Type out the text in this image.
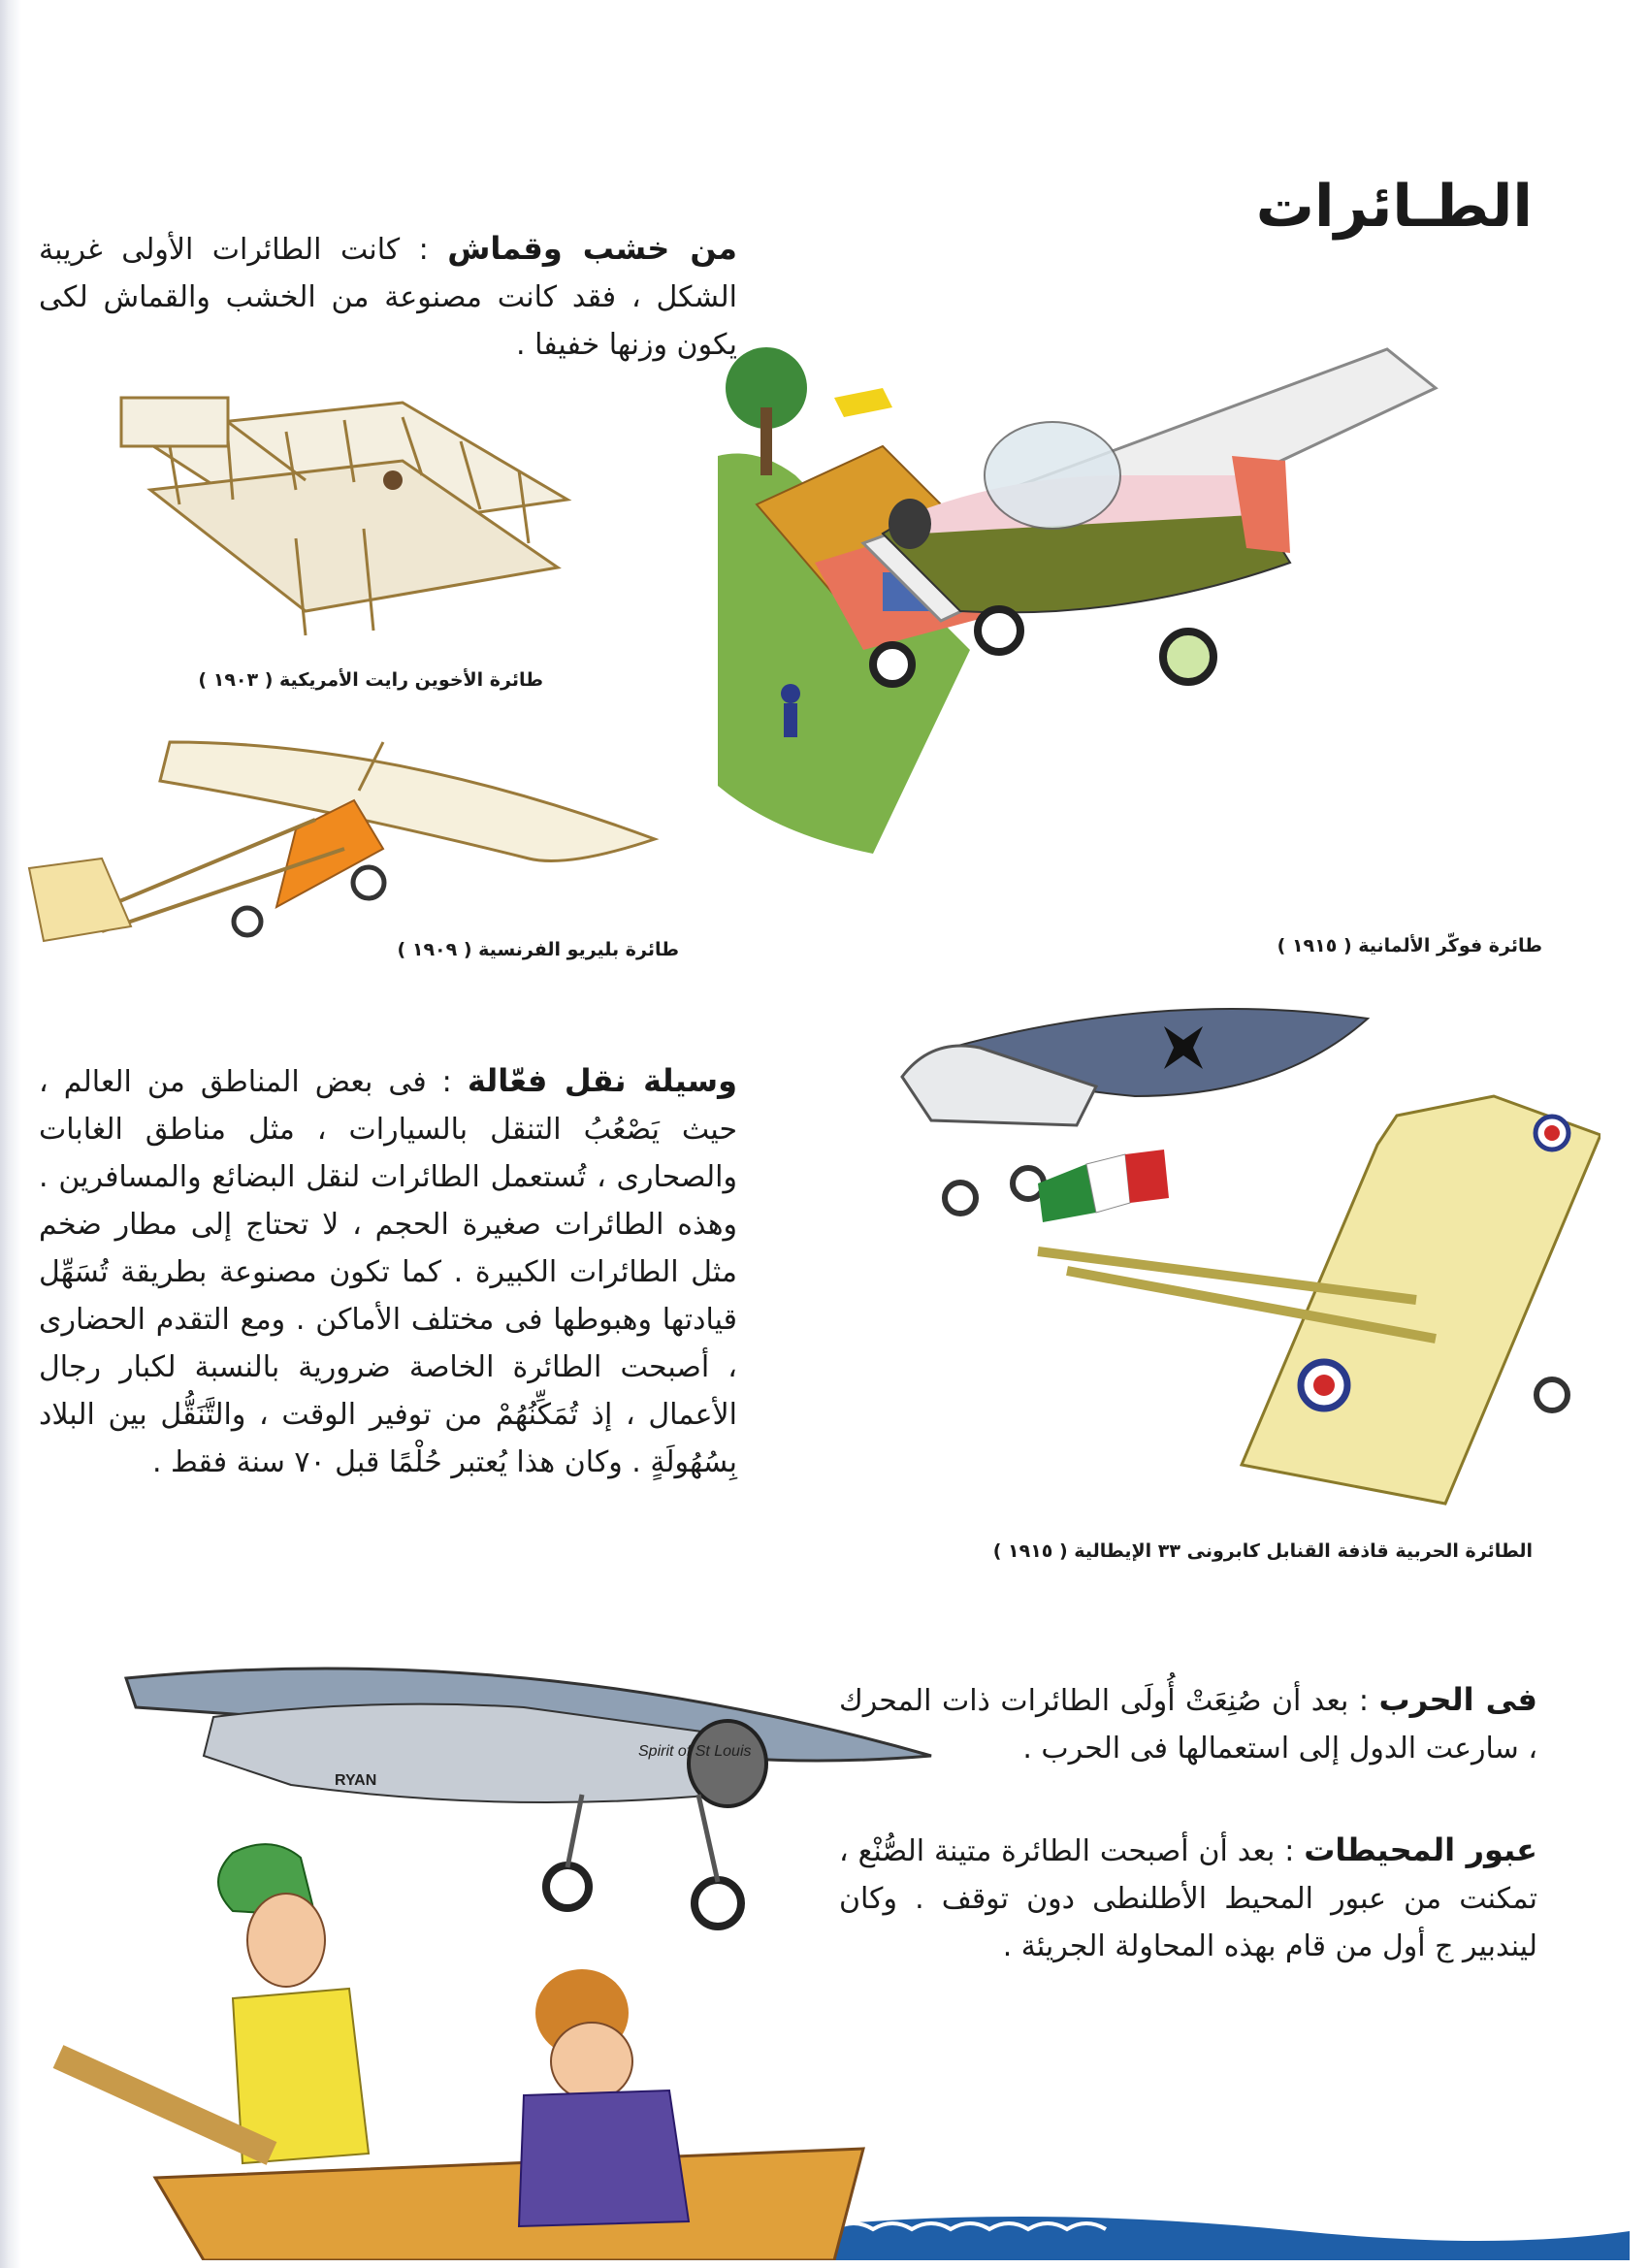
الطـائرات
من خشب وقماش : كانت الطائرات الأولى غريبة الشكل ، فقد كانت مصنوعة من الخشب والقماش لكى يكون وزنها خفيفا .
طائرة الأخوين رايت الأمريكية ( ١٩٠٣ )
طائرة بليريو الفرنسية ( ١٩٠٩ )	طائرة فوكّر الألمانية ( ١٩١٥ )
وسيلة نقل فعّالة : فى بعض المناطق من العالم ، حيث يَصْعُبُ التنقل بالسيارات ، مثل مناطق الغابات والصحارى ، تُستعمل الطائرات لنقل البضائع والمسافرين . وهذه الطائرات صغيرة الحجم ، لا تحتاج إلى مطار ضخم مثل الطائرات الكبيرة . كما تكون مصنوعة بطريقة تُسَهِّل قيادتها وهبوطها فى مختلف الأماكن . ومع التقدم الحضارى ، أصبحت الطائرة الخاصة ضرورية بالنسبة لكبار رجال الأعمال ، إذ تُمَكِّنُهُمْ من توفير الوقت ، والتَّنَقُّل بين البلاد بِسُهُولَةٍ . وكان هذا يُعتبر حُلْمًا قبل ٧٠ سنة فقط .
الطائرة الحربية قاذفة القنابل كابرونى ٣٣ الإيطالية ( ١٩١٥ )
فى الحرب : بعد أن صُنِعَتْ أُولَى الطائرات ذات المحرك ، سارعت الدول إلى استعمالها فى الحرب .
عبور المحيطات : بعد أن أصبحت الطائرة متينة الصُّنْع ، تمكنت من عبور المحيط الأطلنطى دون توقف . وكان ليندبير ج أول من قام بهذه المحاولة الجريئة .
Spirit of St Louis
RYAN
